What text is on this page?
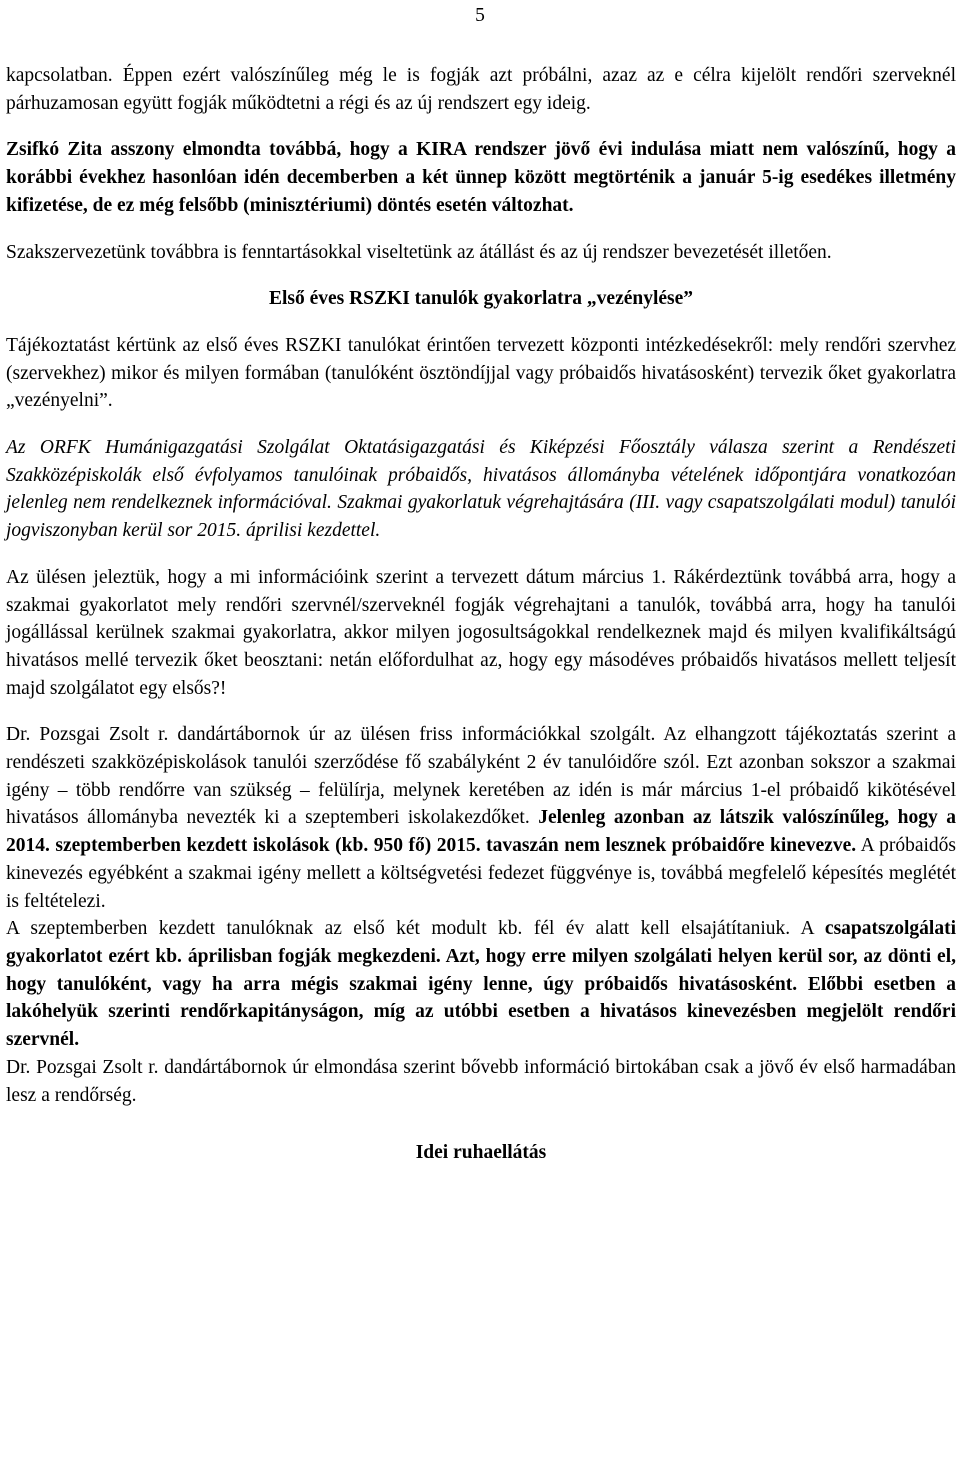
5

kapcsolatban. Éppen ezért valószínűleg még le is fogják azt próbálni, azaz az e célra kijelölt rendőri szerveknél párhuzamosan együtt fogják működtetni a régi és az új rendszert egy ideig.

Zsifkó Zita asszony elmondta továbbá, hogy a KIRA rendszer jövő évi indulása miatt nem valószínű, hogy a korábbi évekhez hasonlóan idén decemberben a két ünnep között megtörténik a január 5-ig esedékes illetmény kifizetése, de ez még felsőbb (minisztériumi) döntés esetén változhat.

Szakszervezetünk továbbra is fenntartásokkal viseltetünk az átállást és az új rendszer bevezetését illetően.

Első éves RSZKI tanulók gyakorlatra „vezénylése”

Tájékoztatást kértünk az első éves RSZKI tanulókat érintően tervezett központi intézkedésekről: mely rendőri szervhez (szervekhez) mikor és milyen formában (tanulóként ösztöndíjjal vagy próbaidős hivatásosként) tervezik őket gyakorlatra „vezényelni”.

Az ORFK Humánigazgatási Szolgálat Oktatásigazgatási és Kiképzési Főosztály válasza szerint a Rendészeti Szakközépiskolák első évfolyamos tanulóinak próbaidős, hivatásos állományba vételének időpontjára vonatkozóan jelenleg nem rendelkeznek információval. Szakmai gyakorlatuk végrehajtására (III. vagy csapatszolgálati modul) tanulói jogviszonyban kerül sor 2015. áprilisi kezdettel.

Az ülésen jeleztük, hogy a mi információink szerint a tervezett dátum március 1. Rákérdeztünk továbbá arra, hogy a szakmai gyakorlatot mely rendőri szervnél/szerveknél fogják végrehajtani a tanulók, továbbá arra, hogy ha tanulói jogállással kerülnek szakmai gyakorlatra, akkor milyen jogosultságokkal rendelkeznek majd és milyen kvalifikáltságú hivatásos mellé tervezik őket beosztani: netán előfordulhat az, hogy egy másodéves próbaidős hivatásos mellett teljesít majd szolgálatot egy elsős?!

Dr. Pozsgai Zsolt r. dandártábornok úr az ülésen friss információkkal szolgált. Az elhangzott tájékoztatás szerint a rendészeti szakközépiskolások tanulói szerződése fő szabályként 2 év tanulóidőre szól. Ezt azonban sokszor a szakmai igény – több rendőrre van szükség – felülírja, melynek keretében az idén is már március 1-el próbaidő kikötésével hivatásos állományba nevezték ki a szeptemberi iskolakezdőket. Jelenleg azonban az látszik valószínűleg, hogy a 2014. szeptemberben kezdett iskolások (kb. 950 fő) 2015. tavaszán nem lesznek próbaidőre kinevezve. A próbaidős kinevezés egyébként a szakmai igény mellett a költségvetési fedezet függvénye is, továbbá megfelelő képesítés meglétét is feltételezi.

A szeptemberben kezdett tanulóknak az első két modult kb. fél év alatt kell elsajátítaniuk. A csapatszolgálati gyakorlatot ezért kb. áprilisban fogják megkezdeni. Azt, hogy erre milyen szolgálati helyen kerül sor, az dönti el, hogy tanulóként, vagy ha arra mégis szakmai igény lenne, úgy próbaidős hivatásosként. Előbbi esetben a lakóhelyük szerinti rendőrkapitányságon, míg az utóbbi esetben a hivatásos kinevezésben megjelölt rendőri szervnél.

Dr. Pozsgai Zsolt r. dandártábornok úr elmondása szerint bővebb információ birtokában csak a jövő év első harmadában lesz a rendőrség.

Idei ruhaellátás
